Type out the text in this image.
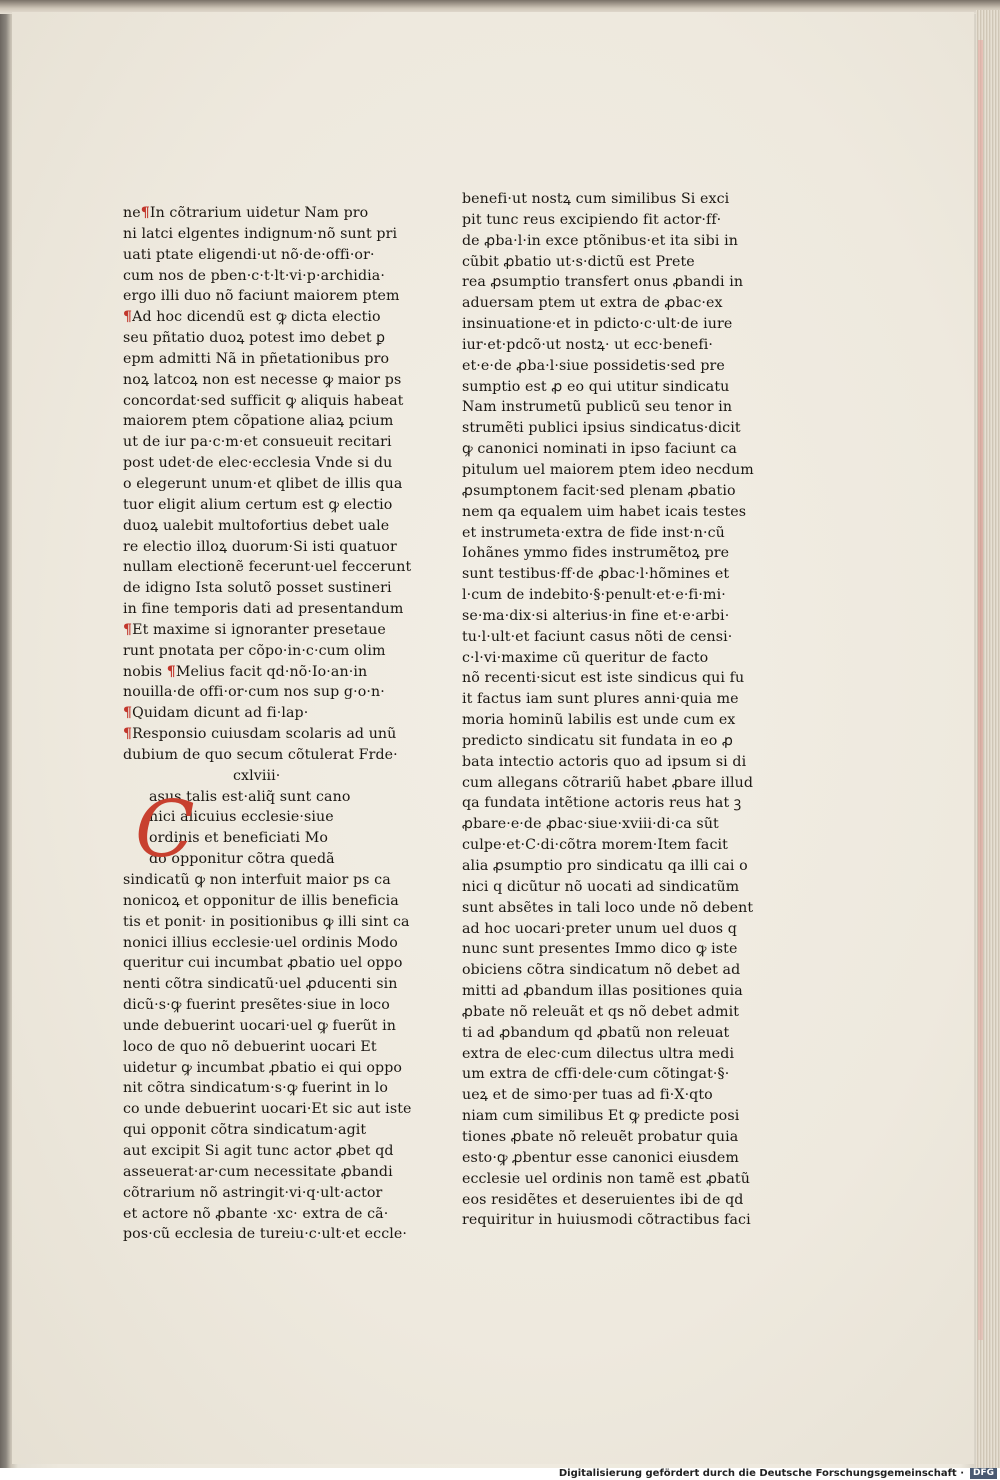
ne¶In cõtrarium uidetur Nam pro
ni latci elgentes indignum·nõ sunt pri
uati ptate eligendi·ut nõ·de·offi·or·
cum nos de pben·c·t·lt·vi·p·archidia·
ergo illi duo nõ faciunt maiorem ptem
¶Ad hoc dicendũ est ꝙ dicta electio
seu pñtatio duoꝝ potest imo debet ꝑ
epm admitti Nã in pñetationibus pro
noꝝ latcoꝝ non est necesse ꝙ maior ps
concordat·sed sufficit ꝙ aliquis habeat
maiorem ptem cõpatione aliaꝝ pcium
ut de iur pa·c·m·et consueuit recitari
post udet·de elec·ecclesia Vnde si du
o elegerunt unum·et qlibet de illis qua
tuor eligit alium certum est ꝙ electio
duoꝝ ualebit multofortius debet uale
re electio illoꝝ duorum·Si isti quatuor
nullam electionẽ fecerunt·uel feccerunt
de idigno Ista solutõ posset sustineri
in fine temporis dati ad presentandum
¶Et maxime si ignoranter presetaue
runt pnotata per cõpo·in·c·cum olim
nobis ¶Melius facit qd·nõ·Io·an·in
nouilla·de offi·or·cum nos sup g·o·n·
¶Quidam dicunt ad fi·lap·
¶Responsio cuiusdam scolaris ad unũ
dubium de quo secum cõtulerat Frde·
cxlviii·
C
asus talis est·aliq̃ sunt cano
nici alicuius ecclesie·siue
ordinis et beneficiati Mo
do opponitur cõtra quedã
sindicatũ ꝙ non interfuit maior ps ca
nonicoꝝ et opponitur de illis beneficia
tis et ponit· in positionibus ꝙ illi sint ca
nonici illius ecclesie·uel ordinis Modo
queritur cui incumbat ꝓbatio uel oppo
nenti cõtra sindicatũ·uel ꝓducenti sin
dicũ·s·ꝙ fuerint presẽtes·siue in loco
unde debuerint uocari·uel ꝙ fuerũt in
loco de quo nõ debuerint uocari Et
uidetur ꝙ incumbat ꝓbatio ei qui oppo
nit cõtra sindicatum·s·ꝙ fuerint in lo
co unde debuerint uocari·Et sic aut iste
qui opponit cõtra sindicatum·agit
aut excipit Si agit tunc actor ꝓbet qd
asseuerat·ar·cum necessitate ꝓbandi
cõtrarium nõ astringit·vi·q·ult·actor
et actore nõ ꝓbante ·xc· extra de cã·
pos·cũ ecclesia de tureiu·c·ult·et eccle·
benefi·ut nostꝝ cum similibus Si exci
pit tunc reus excipiendo fit actor·ff·
de ꝓba·l·in exce ptõnibus·et ita sibi in
cũbit ꝓbatio ut·s·dictũ est Prete
rea ꝓsumptio transfert onus ꝓbandi in
aduersam ptem ut extra de ꝓbac·ex
insinuatione·et in pdicto·c·ult·de iure
iur·et·pdcõ·ut nostꝝ· ut ecc·benefi·
et·e·de ꝓba·l·siue possidetis·sed pre
sumptio est ꝓ eo qui utitur sindicatu
Nam instrumetũ publicũ seu tenor in
strumẽti publici ipsius sindicatus·dicit
ꝙ canonici nominati in ipso faciunt ca
pitulum uel maiorem ptem ideo necdum
ꝓsumptonem facit·sed plenam ꝓbatio
nem qa equalem uim habet icais testes
et instrumeta·extra de fide inst·n·cũ
Iohãnes ymmo fides instrumẽtoꝝ pre
sunt testibus·ff·de ꝓbac·l·hõmines et
l·cum de indebito·§·penult·et·e·fi·mi·
se·ma·dix·si alterius·in fine et·e·arbi·
tu·l·ult·et faciunt casus nõti de censi·
c·l·vi·maxime cũ queritur de facto
nõ recenti·sicut est iste sindicus qui fu
it factus iam sunt plures anni·quia me
moria hominũ labilis est unde cum ex
predicto sindicatu sit fundata in eo ꝓ
bata intectio actoris quo ad ipsum si di
cum allegans cõtrariũ habet ꝓbare illud
qa fundata intẽtione actoris reus hat ꝫ
ꝓbare·e·de ꝓbac·siue·xviii·di·ca sũt
culpe·et·C·di·cõtra morem·Item facit
alia ꝓsumptio pro sindicatu qa illi cai o
nici q dicũtur nõ uocati ad sindicatũm
sunt absẽtes in tali loco unde nõ debent
ad hoc uocari·preter unum uel duos q
nunc sunt presentes Immo dico ꝙ iste
obiciens cõtra sindicatum nõ debet ad
mitti ad ꝓbandum illas positiones quia
ꝓbate nõ releuãt et qs nõ debet admit
ti ad ꝓbandum qd ꝓbatũ non releuat
extra de elec·cum dilectus ultra medi
um extra de cffi·dele·cum cõtingat·§·
ueꝝ et de simo·per tuas ad fi·X·qto
niam cum similibus Et ꝙ predicte posi
tiones ꝓbate nõ releuẽt probatur quia
esto·ꝙ ꝓbentur esse canonici eiusdem
ecclesie uel ordinis non tamẽ est ꝓbatũ
eos residẽtes et deseruientes ibi de qd
requiritur in huiusmodi cõtractibus faci
Digitalisierung gefördert durch die Deutsche Forschungsgemeinschaft · DFG
